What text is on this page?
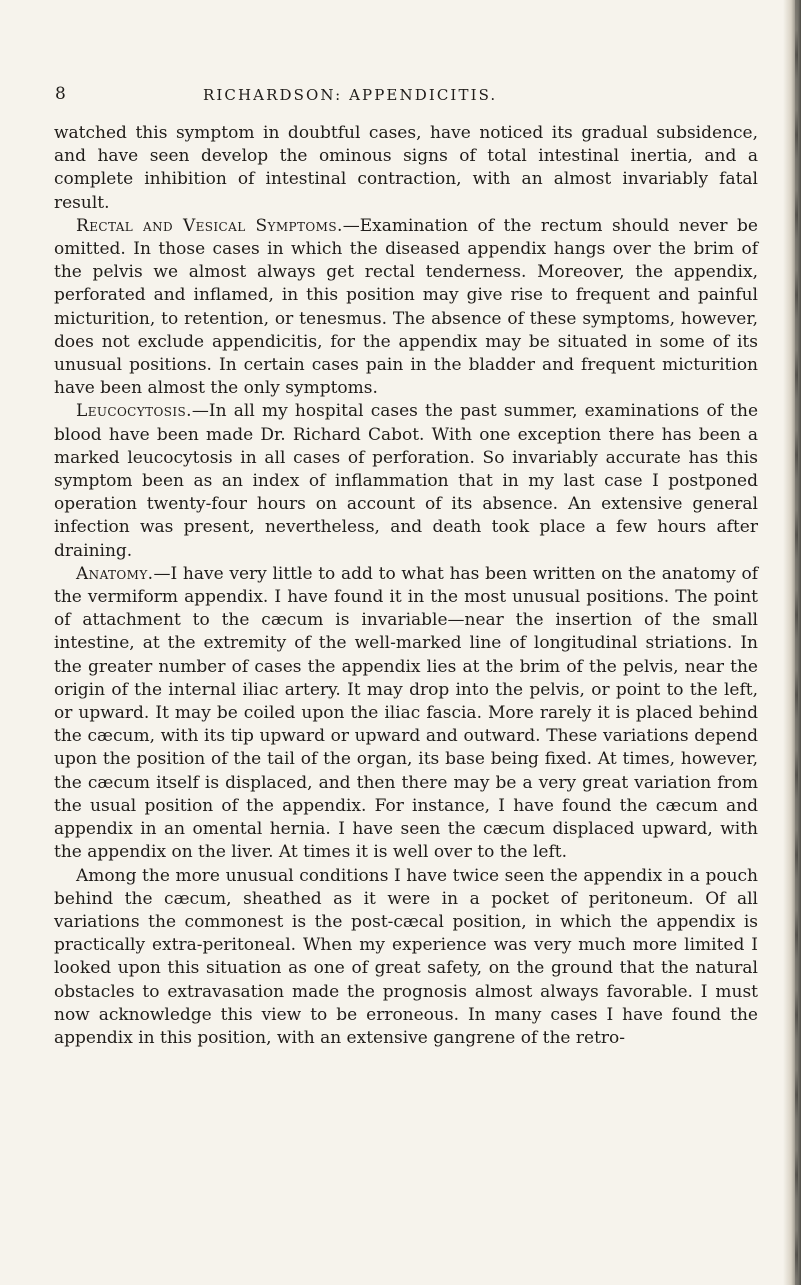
8	RICHARDSON: APPENDICITIS.

watched this symptom in doubtful cases, have noticed its gradual subsidence, and have seen develop the ominous signs of total intestinal inertia, and a complete inhibition of intestinal contraction, with an almost invariably fatal result.

Rectal and Vesical Symptoms.—Examination of the rectum should never be omitted. In those cases in which the diseased appendix hangs over the brim of the pelvis we almost always get rectal tenderness. Moreover, the appendix, perforated and inflamed, in this position may give rise to frequent and painful micturition, to retention, or tenesmus. The absence of these symptoms, however, does not exclude appendicitis, for the appendix may be situated in some of its unusual positions. In certain cases pain in the bladder and frequent micturition have been almost the only symptoms.

Leucocytosis.—In all my hospital cases the past summer, examinations of the blood have been made Dr. Richard Cabot. With one exception there has been a marked leucocytosis in all cases of perforation. So invariably accurate has this symptom been as an index of inflammation that in my last case I postponed operation twenty-four hours on account of its absence. An extensive general infection was present, nevertheless, and death took place a few hours after draining.

Anatomy.—I have very little to add to what has been written on the anatomy of the vermiform appendix. I have found it in the most unusual positions. The point of attachment to the cæcum is invariable—near the insertion of the small intestine, at the extremity of the well-marked line of longitudinal striations. In the greater number of cases the appendix lies at the brim of the pelvis, near the origin of the internal iliac artery. It may drop into the pelvis, or point to the left, or upward. It may be coiled upon the iliac fascia. More rarely it is placed behind the cæcum, with its tip upward or upward and outward. These variations depend upon the position of the tail of the organ, its base being fixed. At times, however, the cæcum itself is displaced, and then there may be a very great variation from the usual position of the appendix. For instance, I have found the cæcum and appendix in an omental hernia. I have seen the cæcum displaced upward, with the appendix on the liver. At times it is well over to the left.

Among the more unusual conditions I have twice seen the appendix in a pouch behind the cæcum, sheathed as it were in a pocket of peritoneum. Of all variations the commonest is the post-cæcal position, in which the appendix is practically extra-peritoneal. When my experience was very much more limited I looked upon this situation as one of great safety, on the ground that the natural obstacles to extravasation made the prognosis almost always favorable. I must now acknowledge this view to be erroneous. In many cases I have found the appendix in this position, with an extensive gangrene of the retro-
